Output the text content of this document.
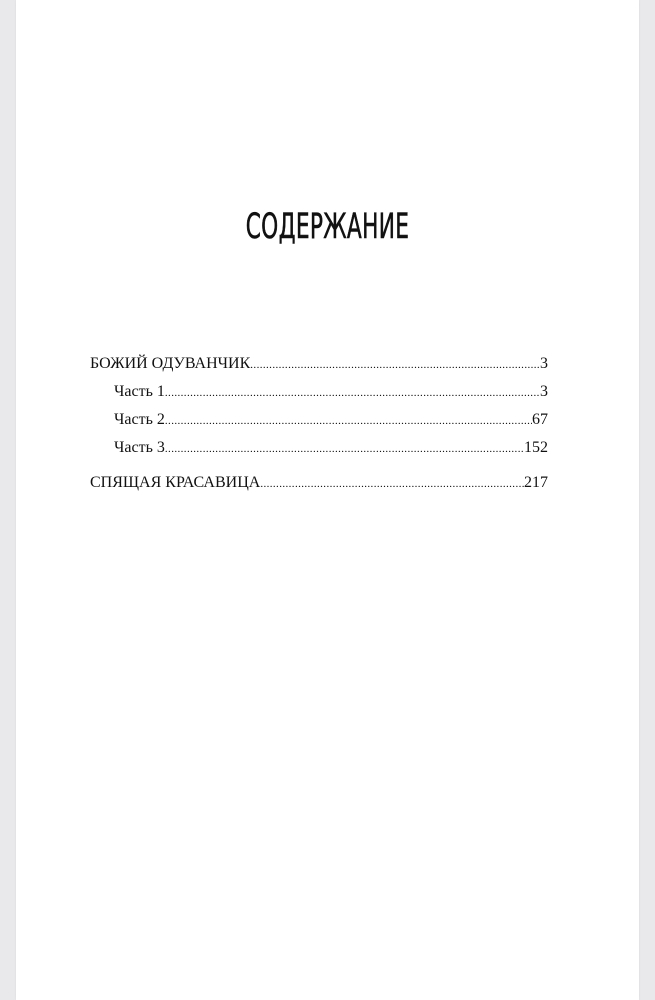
СОДЕРЖАНИЕ
БОЖИЙ ОДУВАНЧИК .....	3
Часть 1 .....	3
Часть 2 .....	67
Часть 3 .....	152
СПЯЩАЯ КРАСАВИЦА .....	217
